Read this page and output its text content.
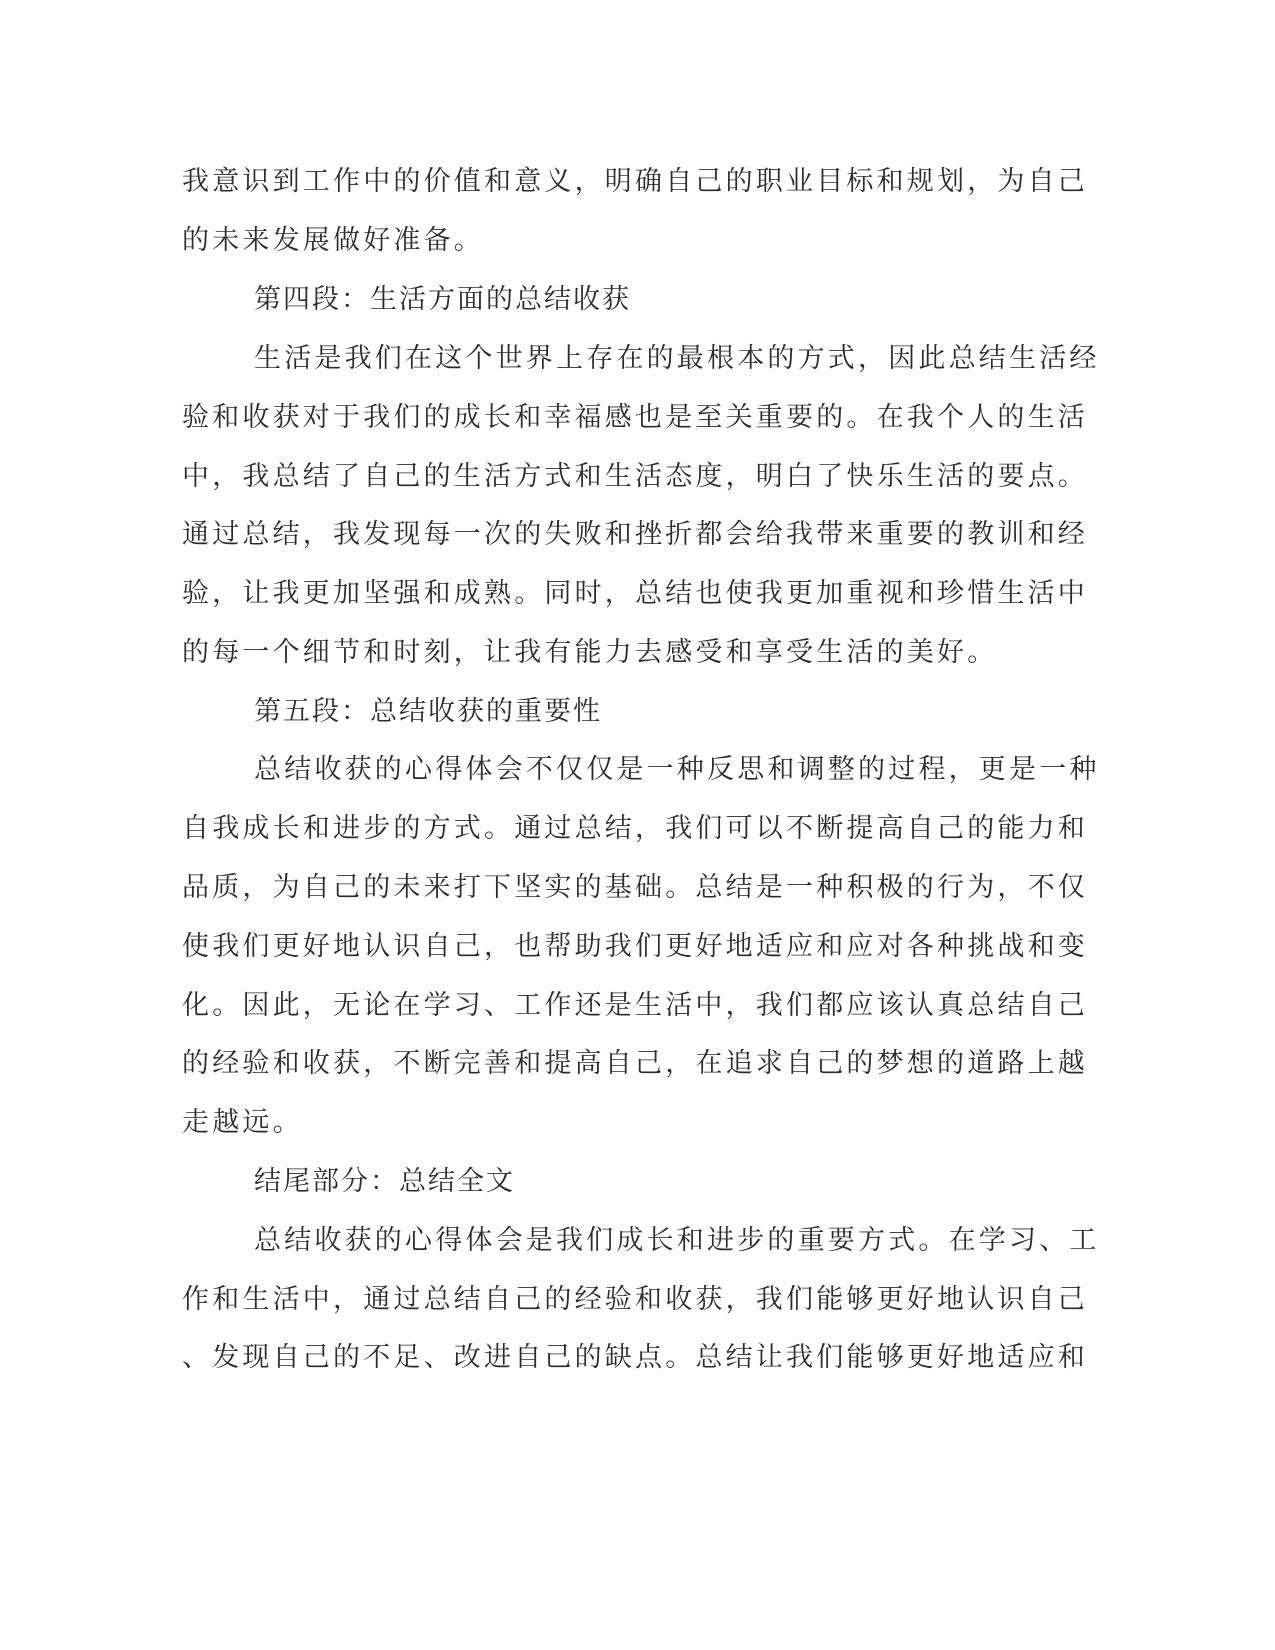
我意识到工作中的价值和意义，明确自己的职业目标和规划，为自己
的未来发展做好准备。
第四段：生活方面的总结收获
生活是我们在这个世界上存在的最根本的方式，因此总结生活经
验和收获对于我们的成长和幸福感也是至关重要的。在我个人的生活
中，我总结了自己的生活方式和生活态度，明白了快乐生活的要点。
通过总结，我发现每一次的失败和挫折都会给我带来重要的教训和经
验，让我更加坚强和成熟。同时，总结也使我更加重视和珍惜生活中
的每一个细节和时刻，让我有能力去感受和享受生活的美好。
第五段：总结收获的重要性
总结收获的心得体会不仅仅是一种反思和调整的过程，更是一种
自我成长和进步的方式。通过总结，我们可以不断提高自己的能力和
品质，为自己的未来打下坚实的基础。总结是一种积极的行为，不仅
使我们更好地认识自己，也帮助我们更好地适应和应对各种挑战和变
化。因此，无论在学习、工作还是生活中，我们都应该认真总结自己
的经验和收获，不断完善和提高自己，在追求自己的梦想的道路上越
走越远。
结尾部分：总结全文
总结收获的心得体会是我们成长和进步的重要方式。在学习、工
作和生活中，通过总结自己的经验和收获，我们能够更好地认识自己
、发现自己的不足、改进自己的缺点。总结让我们能够更好地适应和
